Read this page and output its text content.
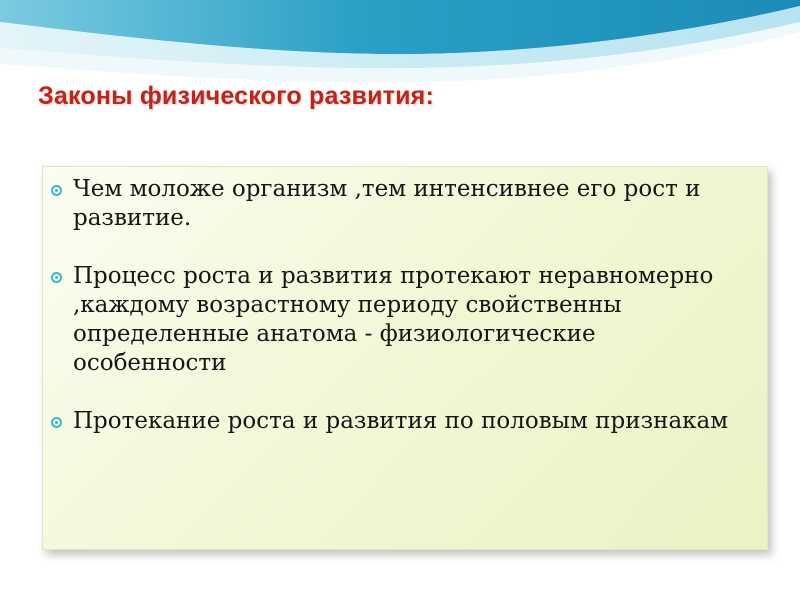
Законы физического развития:
Чем моложе организм ,тем интенсивнее его рост и развитие.
Процесс роста и развития протекают неравномерно ,каждому возрастному периоду свойственны определенные анатома - физиологические особенности
Протекание роста и развития по половым признакам
